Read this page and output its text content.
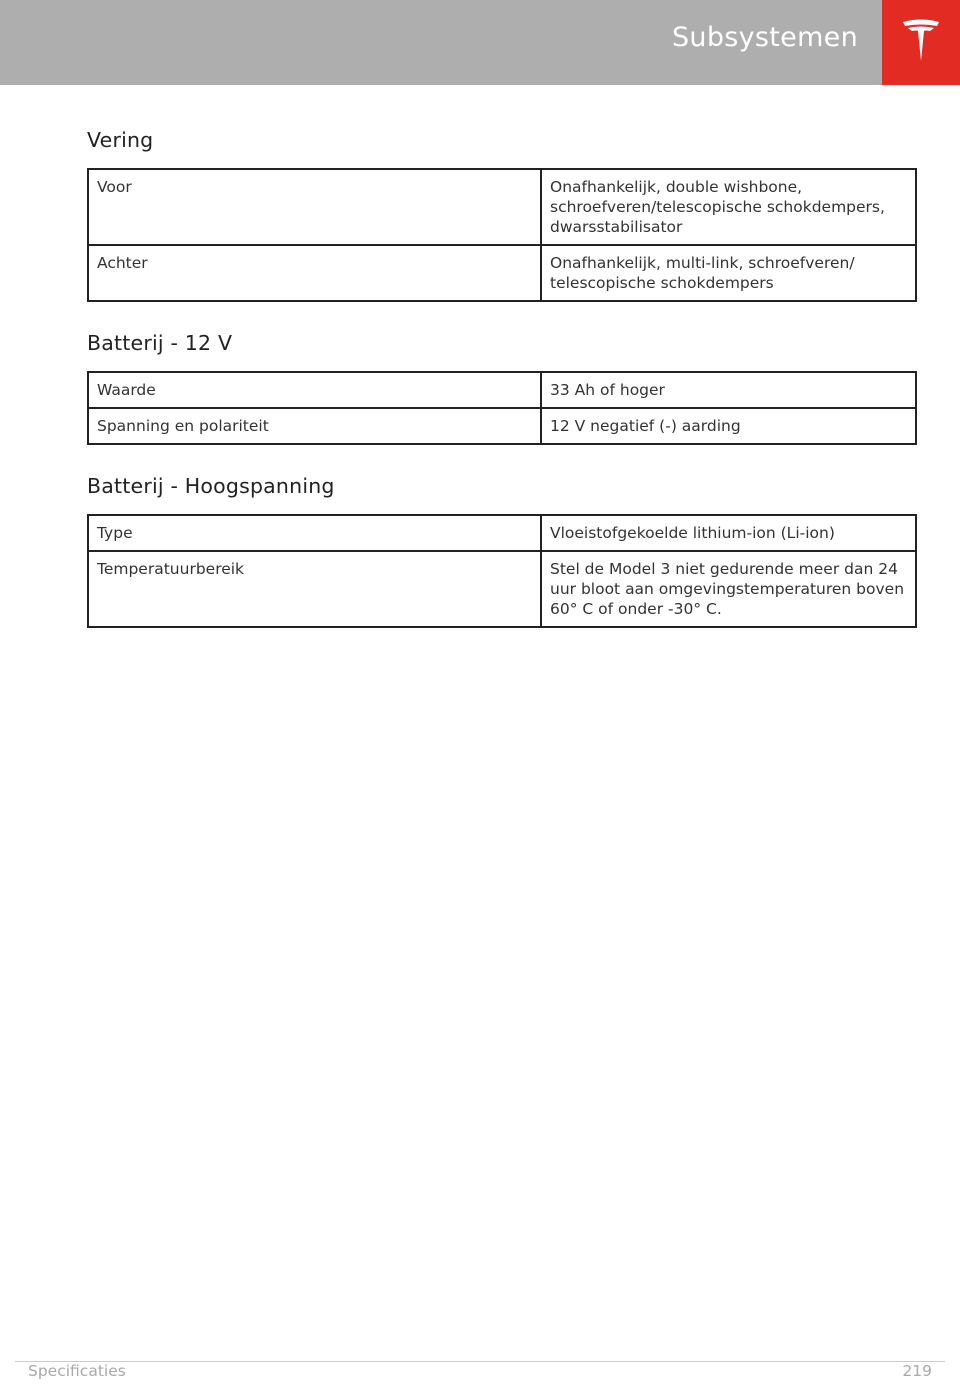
Subsystemen
Vering
Voor	Onafhankelijk, double wishbone, schroefveren/telescopische schokdempers, dwarsstabilisator
Achter	Onafhankelijk, multi-link, schroefveren/ telescopische schokdempers
Batterij - 12 V
Waarde	33 Ah of hoger
Spanning en polariteit	12 V negatief (-) aarding
Batterij - Hoogspanning
Type	Vloeistofgekoelde lithium-ion (Li-ion)
Temperatuurbereik	Stel de Model 3 niet gedurende meer dan 24 uur bloot aan omgevingstemperaturen boven 60° C of onder -30° C.
Specificaties	219
